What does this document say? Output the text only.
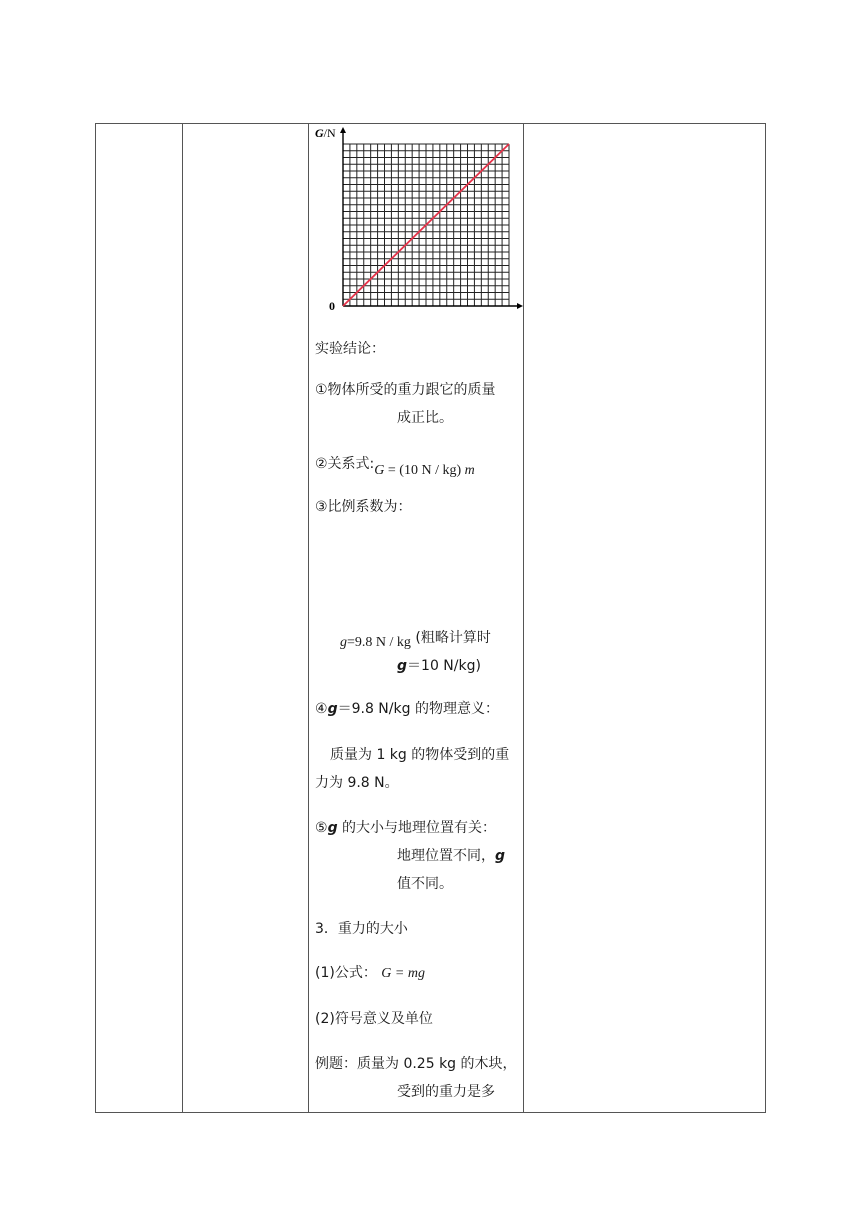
G/N
0
实验结论：
①物体所受的重力跟它的质量
成正比。
②关系式:G = (10 N / kg) m
③比例系数为：
g=9.8 N / kg (粗略计算时
g＝10 N/kg)
④g＝9.8 N/kg 的物理意义：
质量为 1 kg 的物体受到的重
力为 9.8 N。
⑤g 的大小与地理位置有关：
地理位置不同，g
值不同。
3．重力的大小
(1)公式： G = mg
(2)符号意义及单位
例题：质量为 0.25 kg 的木块，
受到的重力是多
